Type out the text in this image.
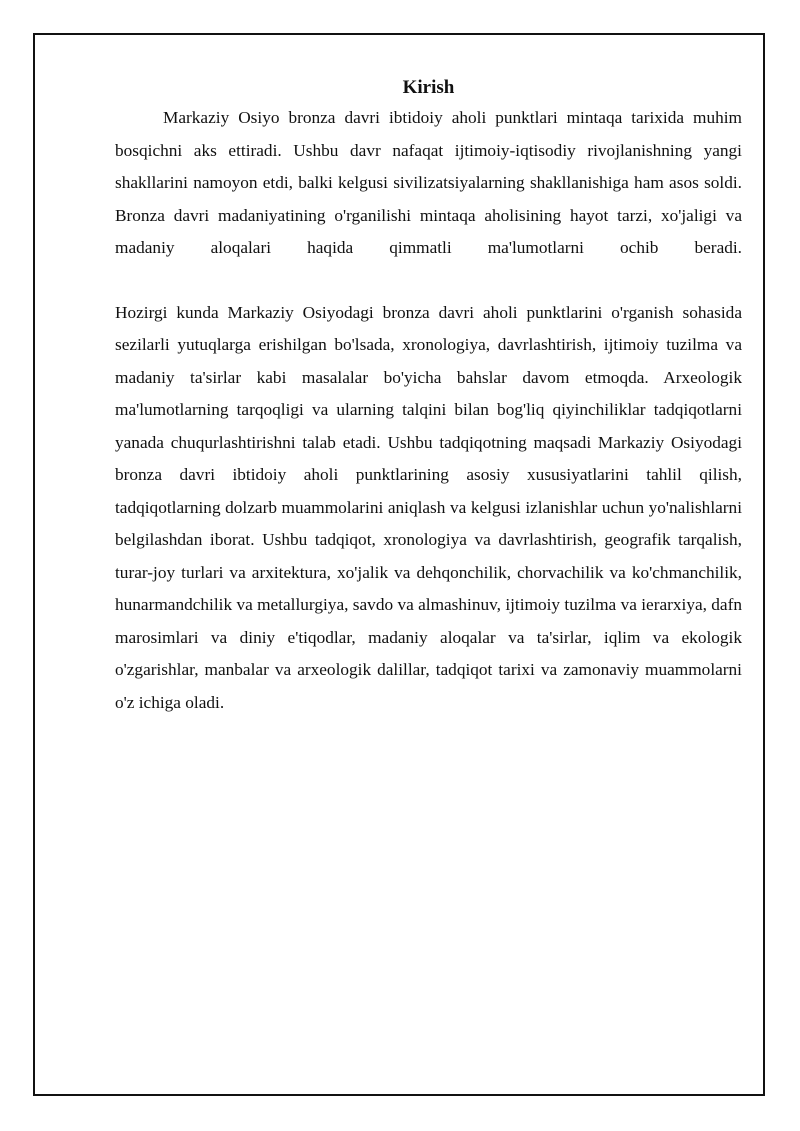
Kirish

Markaziy Osiyo bronza davri ibtidoiy aholi punktlari mintaqa tarixida muhim bosqichni aks ettiradi. Ushbu davr nafaqat ijtimoiy-iqtisodiy rivojlanishning yangi shakllarini namoyon etdi, balki kelgusi sivilizatsiyalarning shakllanishiga ham asos soldi. Bronza davri madaniyatining o'rganilishi mintaqa aholisining hayot tarzi, xo'jaligi va madaniy aloqalari haqida qimmatli ma'lumotlarni ochib beradi.

Hozirgi kunda Markaziy Osiyodagi bronza davri aholi punktlarini o'rganish sohasida sezilarli yutuqlarga erishilgan bo'lsada, xronologiya, davrlashtirish, ijtimoiy tuzilma va madaniy ta'sirlar kabi masalalar bo'yicha bahslar davom etmoqda. Arxeologik ma'lumotlarning tarqoqligi va ularning talqini bilan bog'liq qiyinchiliklar tadqiqotlarni yanada chuqurlashtirishni talab etadi. Ushbu tadqiqotning maqsadi Markaziy Osiyodagi bronza davri ibtidoiy aholi punktlarining asosiy xususiyatlarini tahlil qilish, tadqiqotlarning dolzarb muammolarini aniqlash va kelgusi izlanishlar uchun yo'nalishlarni belgilashdan iborat. Ushbu tadqiqot, xronologiya va davrlashtirish, geografik tarqalish, turar-joy turlari va arxitektura, xo'jalik va dehqonchilik, chorvachilik va ko'chmanchilik, hunarmandchilik va metallurgiya, savdo va almashinuv, ijtimoiy tuzilma va ierarxiya, dafn marosimlari va diniy e'tiqodlar, madaniy aloqalar va ta'sirlar, iqlim va ekologik o'zgarishlar, manbalar va arxeologik dalillar, tadqiqot tarixi va zamonaviy muammolarni o'z ichiga oladi.
